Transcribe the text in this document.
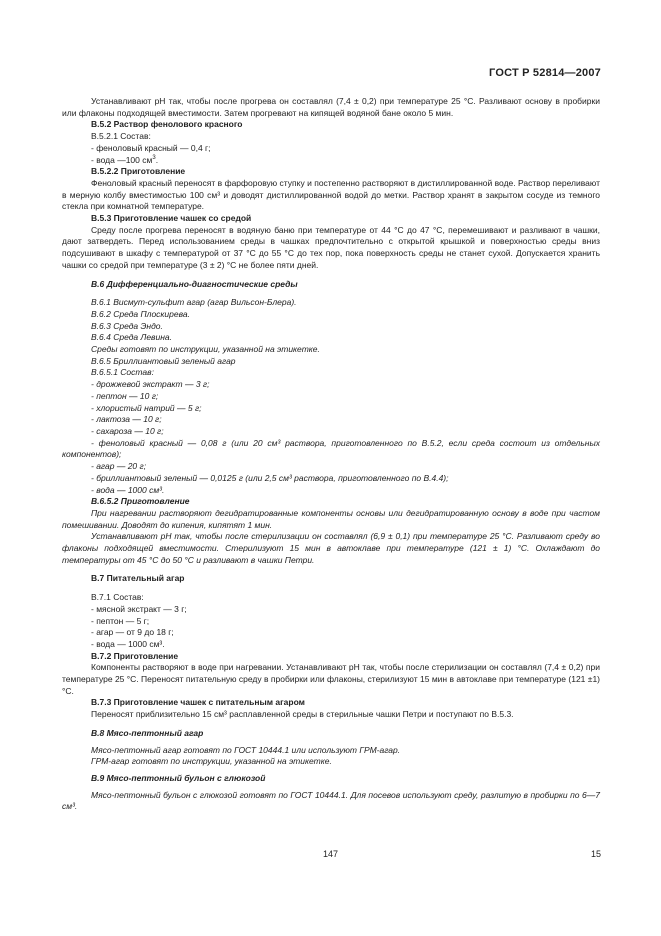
ГОСТ Р 52814—2007

Устанавливают pH так, чтобы после прогрева он составлял (7,4 ± 0,2) при температуре 25 °С. Разливают основу в пробирки или флаконы подходящей вместимости. Затем прогревают на кипящей водяной бане около 5 мин.

В.5.2 Раствор фенолового красного

В.5.2.1 Состав:

- феноловый красный — 0,4 г;

- вода —100 $см^3$.

В.5.2.2 Приготовление

Феноловый красный переносят в фарфоровую ступку и постепенно растворяют в дистиллированной воде. Раствор переливают в мерную колбу вместимостью 100 см³ и доводят дистиллированной водой до метки. Раствор хранят в закрытом сосуде из темного стекла при комнатной температуре.

В.5.3 Приготовление чашек со средой

Среду после прогрева переносят в водяную баню при температуре от 44 °С до 47 °С, перемешивают и разливают в чашки, дают затвердеть. Перед использованием среды в чашках предпочтительно с открытой крышкой и поверхностью среды вниз подсушивают в шкафу с температурой от 37 °С до 55 °С до тех пор, пока поверхность среды не станет сухой. Допускается хранить чашки со средой при температуре (3 ± 2) °С не более пяти дней.

В.6 Дифференциально-диагностические среды

В.6.1 Висмут-сульфит агар (агар Вильсон-Блера).

В.6.2 Среда Плоскирева.

В.6.3 Среда Эндо.

В.6.4 Среда Левина.

Среды готовят по инструкции, указанной на этикетке.

В.6.5 Бриллиантовый зеленый агар

В.6.5.1 Состав:

- дрожжевой экстракт — 3 г;

- пептон — 10 г;

- хлористый натрий — 5 г;

- лактоза — 10 г;

- сахароза — 10 г;

- феноловый красный — 0,08 г (или 20 см³ раствора, приготовленного по В.5.2, если среда состоит из отдельных компонентов);

- агар — 20 г;

- бриллиантовый зеленый — 0,0125 г (или 2,5 см³ раствора, приготовленного по В.4.4);

- вода — 1000 см³.

В.6.5.2 Приготовление

При нагревании растворяют дегидратированные компоненты основы или дегидратированную основу в воде при частом помешивании. Доводят до кипения, кипятят 1 мин.

Устанавливают pH так, чтобы после стерилизации он составлял (6,9 ± 0,1) при температуре 25 °С. Разливают среду во флаконы подходящей вместимости. Стерилизуют 15 мин в автоклаве при температуре (121 ± 1) °С. Охлаждают до температуры от 45 °С до 50 °С и разливают в чашки Петри.

В.7 Питательный агар

В.7.1 Состав:

- мясной экстракт — 3 г;

- пептон — 5 г;

- агар — от 9 до 18 г;

- вода — 1000 см³.

В.7.2 Приготовление

Компоненты растворяют в воде при нагревании. Устанавливают pH так, чтобы после стерилизации он составлял (7,4 ± 0,2) при температуре 25 °С. Переносят питательную среду в пробирки или флаконы, стерилизуют 15 мин в автоклаве при температуре (121 ±1) °С.

В.7.3 Приготовление чашек с питательным агаром

Переносят приблизительно 15 см³ расплавленной среды в стерильные чашки Петри и поступают по В.5.3.

В.8 Мясо-пептонный агар

Мясо-пептонный агар готовят по ГОСТ 10444.1 или используют ГРМ-агар.

ГРМ-агар готовят по инструкции, указанной на этикетке.

В.9 Мясо-пептонный бульон с глюкозой

Мясо-пептонный бульон с глюкозой готовят по ГОСТ 10444.1. Для посевов используют среду, разлитую в пробирки по 6—7 см³.

147	15
